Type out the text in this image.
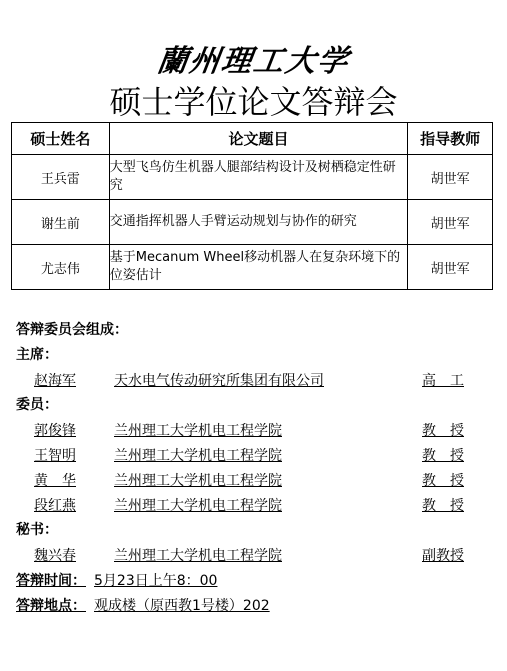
蘭州理工大学
硕士学位论文答辩会
硕士姓名	论文题目	指导教师
王兵雷	大型飞鸟仿生机器人腿部结构设计及树栖稳定性研究	胡世军
谢生前	交通指挥机器人手臂运动规划与协作的研究	胡世军
尤志伟	基于Mecanum Wheel移动机器人在复杂环境下的位姿估计	胡世军
答辩委员会组成：
主席：
赵海军	天水电气传动研究所集团有限公司	高　工
委员：
郭俊锋	兰州理工大学机电工程学院	教　授
王智明	兰州理工大学机电工程学院	教　授
黄　华	兰州理工大学机电工程学院	教　授
段红燕	兰州理工大学机电工程学院	教　授
秘书：
魏兴春	兰州理工大学机电工程学院	副教授
答辩时间： 5月23日上午8：00
答辩地点： 观成楼（原西教1号楼）202
